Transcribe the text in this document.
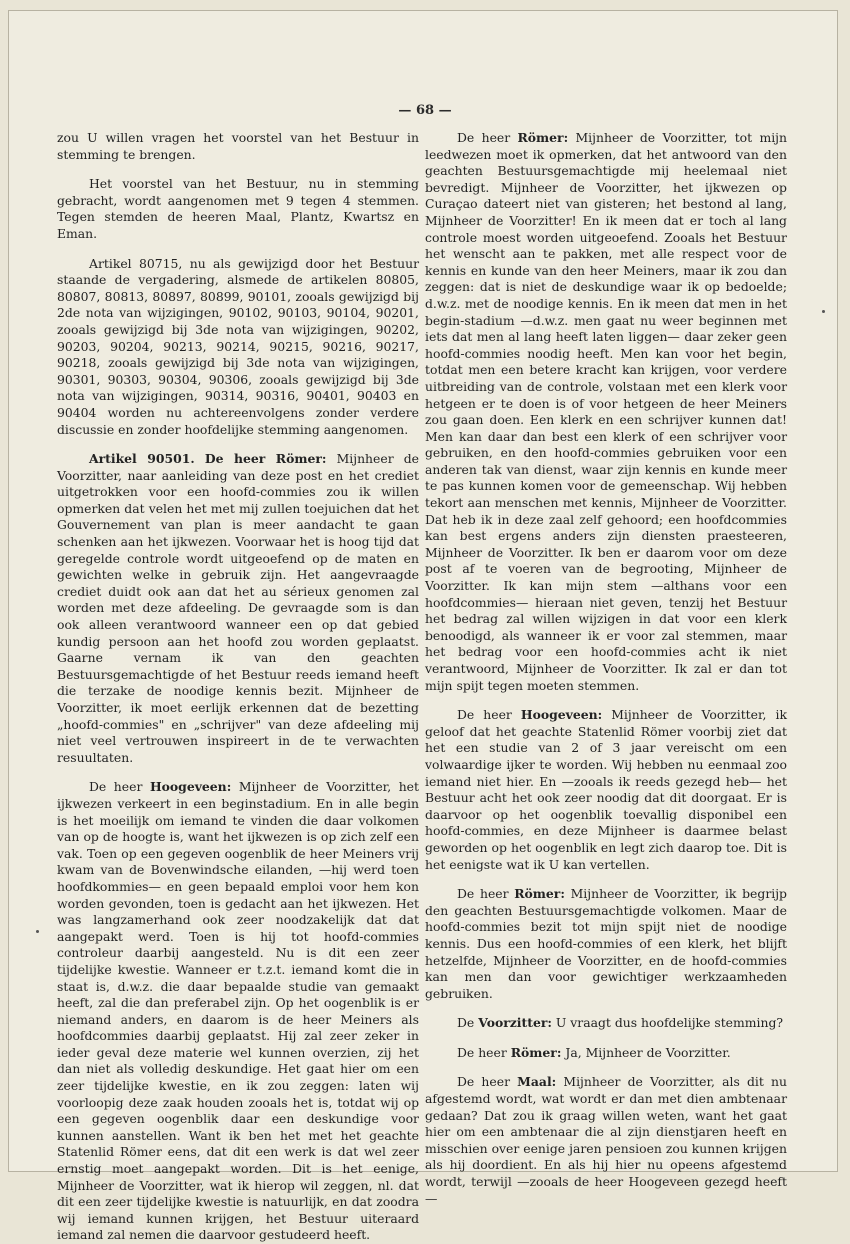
— 68 —

zou U willen vragen het voorstel van het Bestuur in stemming te brengen.

Het voorstel van het Bestuur, nu in stemming gebracht, wordt aangenomen met 9 tegen 4 stemmen. Tegen stemden de heeren Maal, Plantz, Kwartsz en Eman.

Artikel 80715, nu als gewijzigd door het Bestuur staande de vergadering, alsmede de artikelen 80805, 80807, 80813, 80897, 80899, 90101, zooals gewijzigd bij 2de nota van wijzigingen, 90102, 90103, 90104, 90201, zooals gewijzigd bij 3de nota van wijzigingen, 90202, 90203, 90204, 90213, 90214, 90215, 90216, 90217, 90218, zooals gewijzigd bij 3de nota van wijzigingen, 90301, 90303, 90304, 90306, zooals gewijzigd bij 3de nota van wijzigingen, 90314, 90316, 90401, 90403 en 90404 worden nu achtereenvolgens zonder verdere discussie en zonder hoofdelijke stemming aangenomen.

Artikel 90501. De heer Römer: Mijnheer de Voorzitter, naar aanleiding van deze post en het crediet uitgetrokken voor een hoofd-commies zou ik willen opmerken dat velen het met mij zullen toejuichen dat het Gouvernement van plan is meer aandacht te gaan schenken aan het ijkwezen. Voorwaar het is hoog tijd dat geregelde controle wordt uitgeoefend op de maten en gewichten welke in gebruik zijn. Het aangevraagde crediet duidt ook aan dat het au sérieux genomen zal worden met deze afdeeling. De gevraagde som is dan ook alleen verantwoord wanneer een op dat gebied kundig persoon aan het hoofd zou worden geplaatst. Gaarne vernam ik van den geachten Bestuursgemachtigde of het Bestuur reeds iemand heeft die terzake de noodige kennis bezit. Mijnheer de Voorzitter, ik moet eerlijk erkennen dat de bezetting „hoofd-commies" en „schrijver" van deze afdeeling mij niet veel vertrouwen inspireert in de te verwachten resuultaten.

De heer Hoogeveen: Mijnheer de Voorzitter, het ijkwezen verkeert in een beginstadium. En in alle begin is het moeilijk om iemand te vinden die daar volkomen van op de hoogte is, want het ijkwezen is op zich zelf een vak. Toen op een gegeven oogenblik de heer Meiners vrij kwam van de Bovenwindsche eilanden, —hij werd toen hoofdkommies— en geen bepaald emploi voor hem kon worden gevonden, toen is gedacht aan het ijkwezen. Het was langzamerhand ook zeer noodzakelijk dat dat aangepakt werd. Toen is hij tot hoofd-commies controleur daarbij aangesteld. Nu is dit een zeer tijdelijke kwestie. Wanneer er t.z.t. iemand komt die in staat is, d.w.z. die daar bepaalde studie van gemaakt heeft, zal die dan preferabel zijn. Op het oogenblik is er niemand anders, en daarom is de heer Meiners als hoofdcommies daarbij geplaatst. Hij zal zeer zeker in ieder geval deze materie wel kunnen overzien, zij het dan niet als volledig deskundige. Het gaat hier om een zeer tijdelijke kwestie, en ik zou zeggen: laten wij voorloopig deze zaak houden zooals het is, totdat wij op een gegeven oogenblik daar een deskundige voor kunnen aanstellen. Want ik ben het met het geachte Statenlid Römer eens, dat dit een werk is dat wel zeer ernstig moet aangepakt worden. Dit is het eenige, Mijnheer de Voorzitter, wat ik hierop wil zeggen, nl. dat dit een zeer tijdelijke kwestie is natuurlijk, en dat zoodra wij iemand kunnen krijgen, het Bestuur uiteraard iemand zal nemen die daarvoor gestudeerd heeft.

De heer Römer: Mijnheer de Voorzitter, tot mijn leedwezen moet ik opmerken, dat het antwoord van den geachten Bestuursgemachtigde mij heelemaal niet bevredigt. Mijnheer de Voorzitter, het ijkwezen op Curaçao dateert niet van gisteren; het bestond al lang, Mijnheer de Voorzitter! En ik meen dat er toch al lang controle moest worden uitgeoefend. Zooals het Bestuur het wenscht aan te pakken, met alle respect voor de kennis en kunde van den heer Meiners, maar ik zou dan zeggen: dat is niet de deskundige waar ik op bedoelde; d.w.z. met de noodige kennis. En ik meen dat men in het begin-stadium —d.w.z. men gaat nu weer beginnen met iets dat men al lang heeft laten liggen— daar zeker geen hoofd-commies noodig heeft. Men kan voor het begin, totdat men een betere kracht kan krijgen, voor verdere uitbreiding van de controle, volstaan met een klerk voor hetgeen er te doen is of voor hetgeen de heer Meiners zou gaan doen. Een klerk en een schrijver kunnen dat! Men kan daar dan best een klerk of een schrijver voor gebruiken, en den hoofd-commies gebruiken voor een anderen tak van dienst, waar zijn kennis en kunde meer te pas kunnen komen voor de gemeenschap. Wij hebben tekort aan menschen met kennis, Mijnheer de Voorzitter. Dat heb ik in deze zaal zelf gehoord; een hoofdcommies kan best ergens anders zijn diensten praesteeren, Mijnheer de Voorzitter. Ik ben er daarom voor om deze post af te voeren van de begrooting, Mijnheer de Voorzitter. Ik kan mijn stem —althans voor een hoofdcommies— hieraan niet geven, tenzij het Bestuur het bedrag zal willen wijzigen in dat voor een klerk benoodigd, als wanneer ik er voor zal stemmen, maar het bedrag voor een hoofd-commies acht ik niet verantwoord, Mijnheer de Voorzitter. Ik zal er dan tot mijn spijt tegen moeten stemmen.

De heer Hoogeveen: Mijnheer de Voorzitter, ik geloof dat het geachte Statenlid Römer voorbij ziet dat het een studie van 2 of 3 jaar vereischt om een volwaardige ijker te worden. Wij hebben nu eenmaal zoo iemand niet hier. En —zooals ik reeds gezegd heb— het Bestuur acht het ook zeer noodig dat dit doorgaat. Er is daarvoor op het oogenblik toevallig disponibel een hoofd-commies, en deze Mijnheer is daarmee belast geworden op het oogenblik en legt zich daarop toe. Dit is het eenigste wat ik U kan vertellen.

De heer Römer: Mijnheer de Voorzitter, ik begrijp den geachten Bestuursgemachtigde volkomen. Maar de hoofd-commies bezit tot mijn spijt niet de noodige kennis. Dus een hoofd-commies of een klerk, het blijft hetzelfde, Mijnheer de Voorzitter, en de hoofd-commies kan men dan voor gewichtiger werkzaamheden gebruiken.

De Voorzitter: U vraagt dus hoofdelijke stemming?

De heer Römer: Ja, Mijnheer de Voorzitter.

De heer Maal: Mijnheer de Voorzitter, als dit nu afgestemd wordt, wat wordt er dan met dien ambtenaar gedaan? Dat zou ik graag willen weten, want het gaat hier om een ambtenaar die al zijn dienstjaren heeft en misschien over eenige jaren pensioen zou kunnen krijgen als hij doordient. En als hij hier nu opeens afgestemd wordt, terwijl —zooals de heer Hoogeveen gezegd heeft—
